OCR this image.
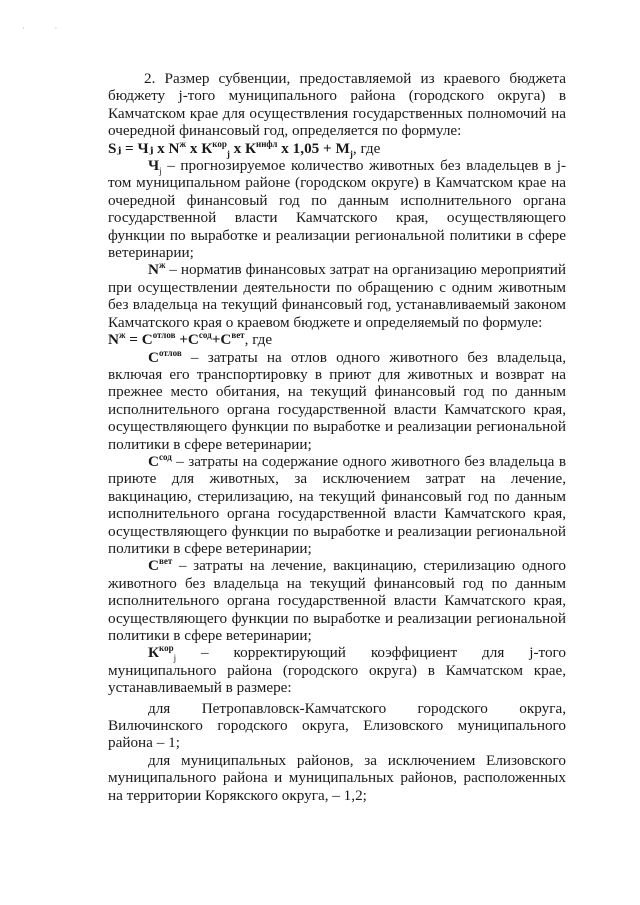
· ·

2. Размер субвенции, предоставляемой из краевого бюджета бюджету j-того муниципального района (городского округа) в Камчатском крае для осуществления государственных полномочий на очередной финансовый год, определяется по формуле:

Sⱼ = Чⱼ х $N^ж$ х $К^{кор}_j$ х $К^{инфл}$ х $1,05 + М_j$, где

$Ч_j$ – прогнозируемое количество животных без владельцев в j-том муниципальном районе (городском округе) в Камчатском крае на очередной финансовый год по данным исполнительного органа государственной власти Камчатского края, осуществляющего функции по выработке и реализации региональной политики в сфере ветеринарии;

$N^ж$ – норматив финансовых затрат на организацию мероприятий при осуществлении деятельности по обращению с одним животным без владельца на текущий финансовый год, устанавливаемый законом Камчатского края о краевом бюджете и определяемый по формуле:

$N^ж = С^{отлов} +С^{сод}+С^{вет}$, где

$С^{отлов}$ – затраты на отлов одного животного без владельца, включая его транспортировку в приют для животных и возврат на прежнее место обитания, на текущий финансовый год по данным исполнительного органа государственной власти Камчатского края, осуществляющего функции по выработке и реализации региональной политики в сфере ветеринарии;

$С^{сод}$ – затраты на содержание одного животного без владельца в приюте для животных, за исключением затрат на лечение, вакцинацию, стерилизацию, на текущий финансовый год по данным исполнительного органа государственной власти Камчатского края, осуществляющего функции по выработке и реализации региональной политики в сфере ветеринарии;

$С^{вет}$ – затраты на лечение, вакцинацию, стерилизацию одного животного без владельца на текущий финансовый год по данным исполнительного органа государственной власти Камчатского края, осуществляющего функции по выработке и реализации региональной политики в сфере ветеринарии;

$К^{кор}_j$ – корректирующий коэффициент для j-того муниципального района (городского округа) в Камчатском крае, устанавливаемый в размере:

для Петропавловск-Камчатского городского округа, Вилючинского городского округа, Елизовского муниципального района – 1;

для муниципальных районов, за исключением Елизовского муниципального района и муниципальных районов, расположенных на территории Корякского округа, – 1,2;
